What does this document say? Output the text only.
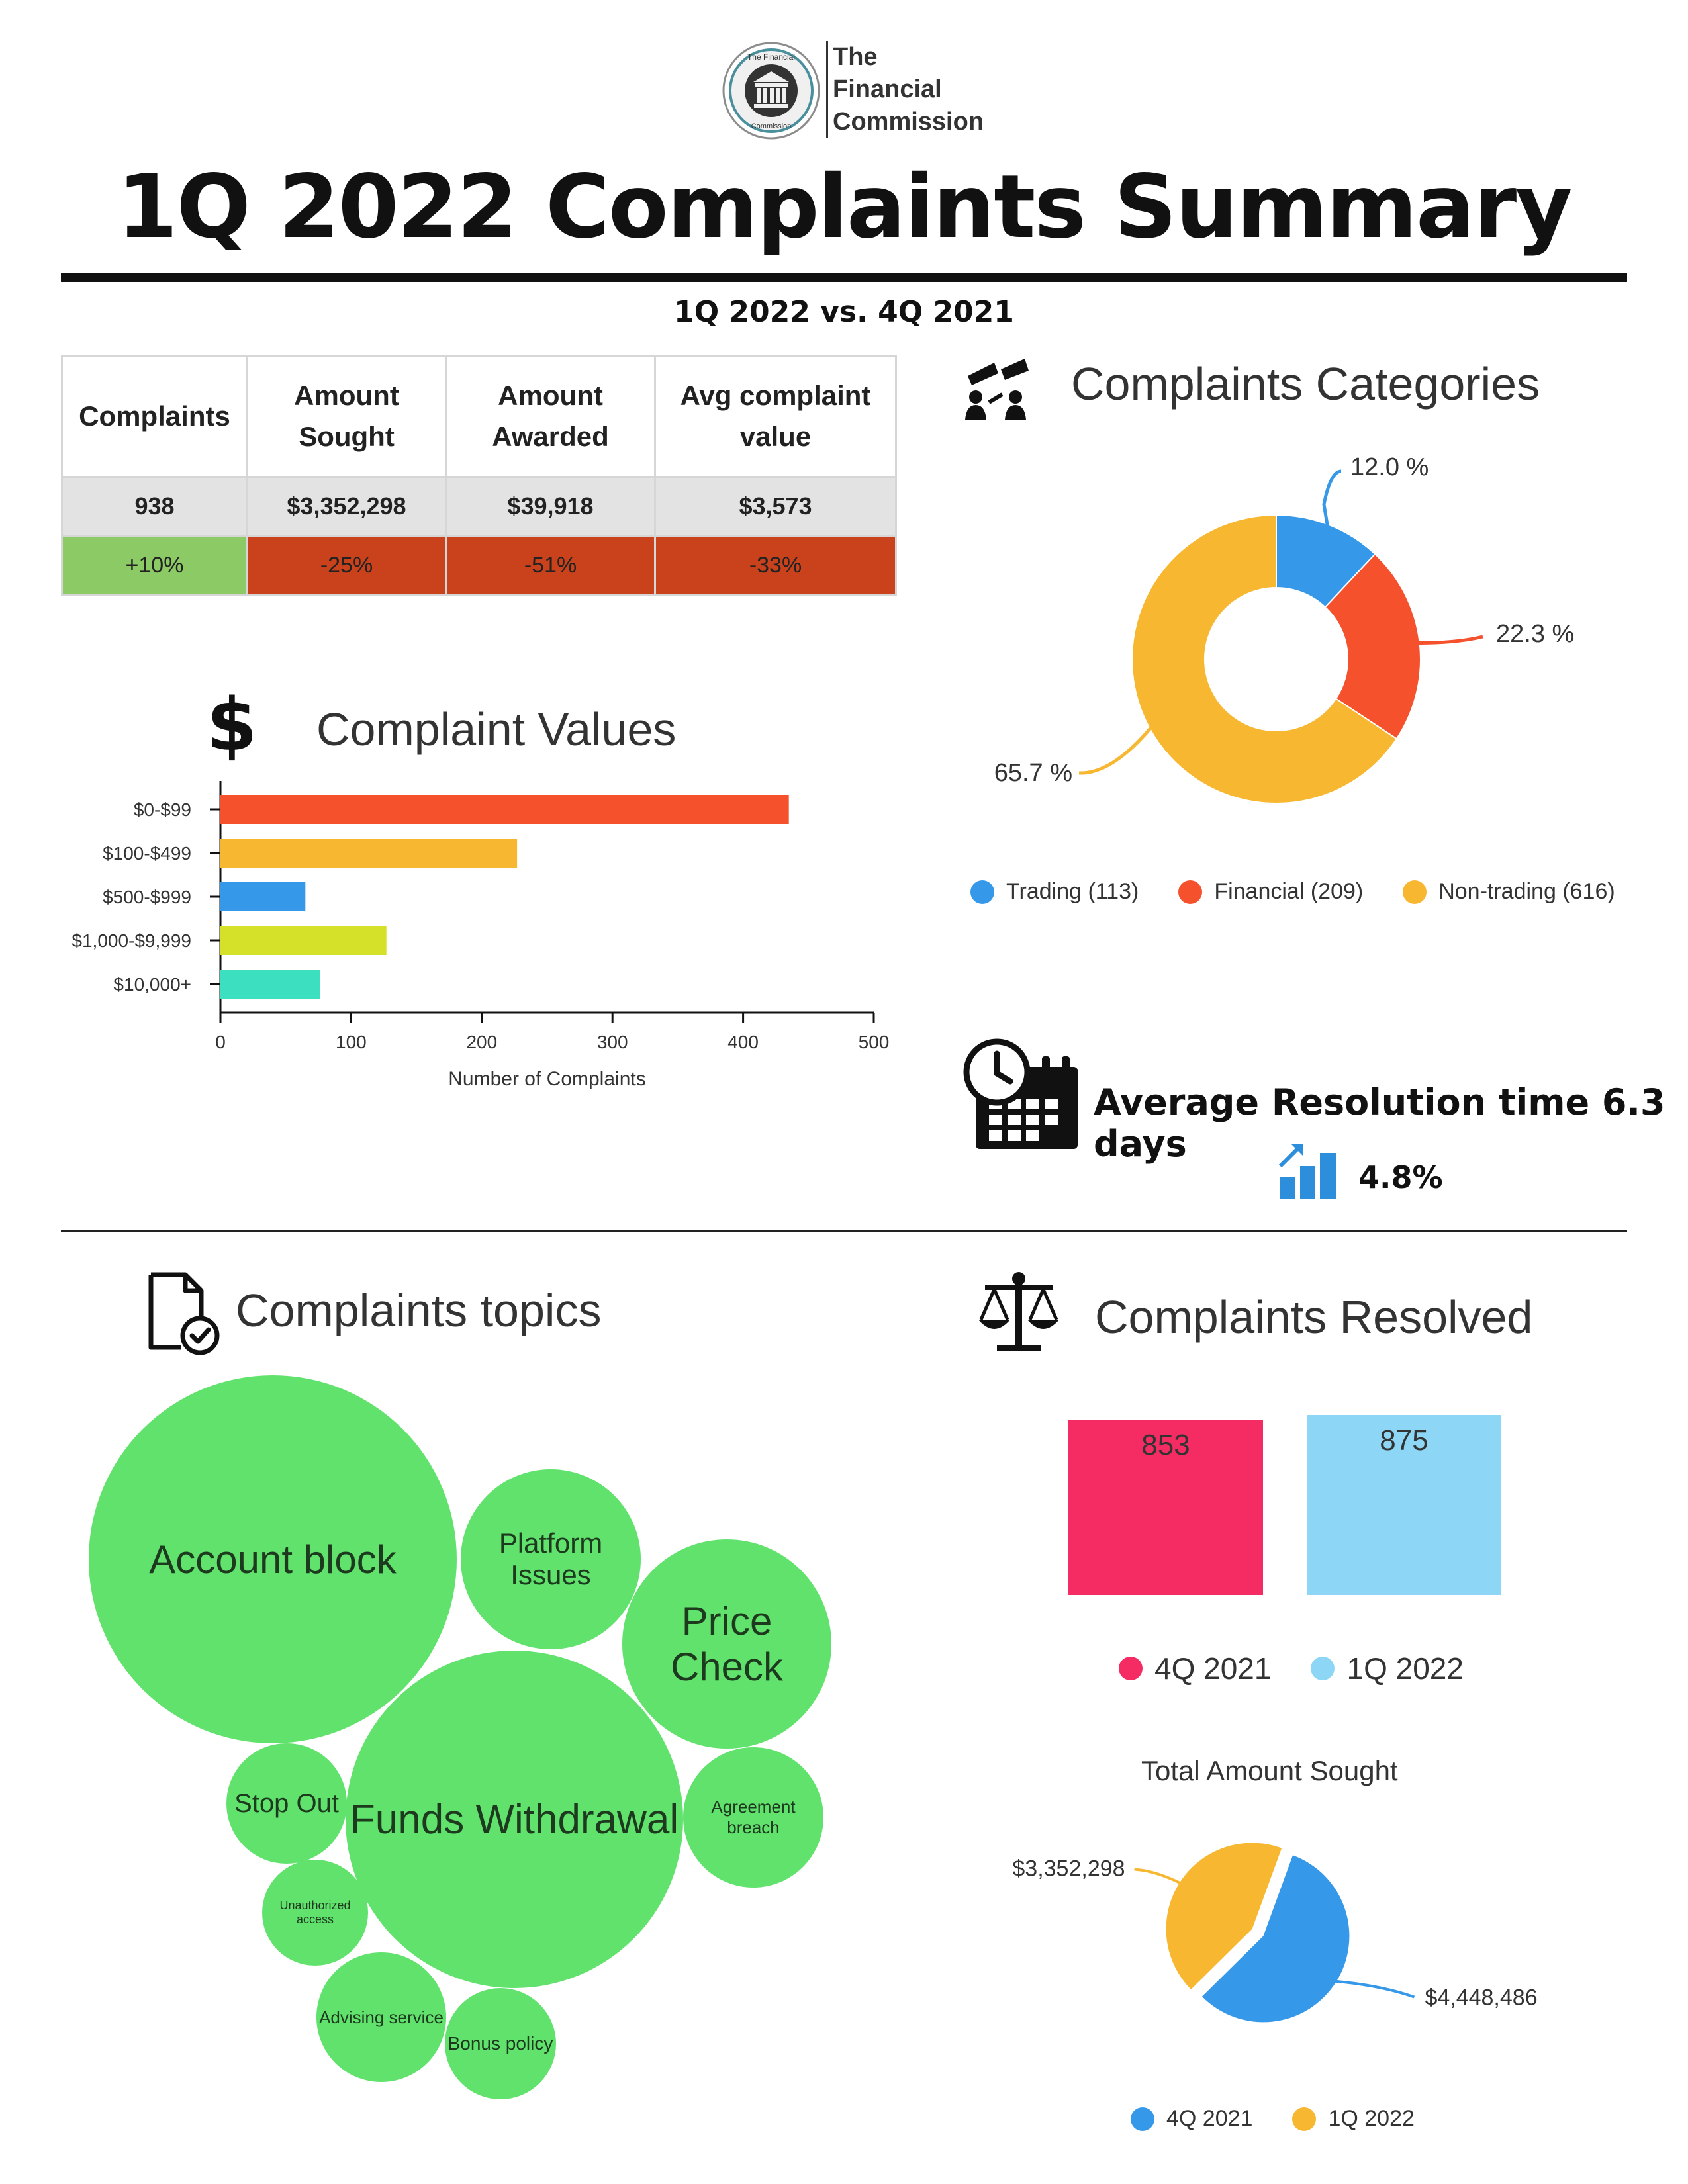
The Financial
Commission
The
Financial
Commission
1Q 2022 Complaints Summary
1Q 2022 vs. 4Q 2021
Complaints	Amount Sought	Amount Awarded	Avg complaint value
938	$3,352,298	$39,918	$3,573
+10%	-25%	-51%	-33%
$ Complaint Values
$0-$99
$100-$499
$500-$999
$1,000-$9,999
$10,000+
0	100	200	300	400	500
Number of Complaints
Complaints Categories
12.0 %
22.3 %
65.7 %
Trading (113)	Financial (209)	Non-trading (616)
Average Resolution time 6.3 days
4.8%
Complaints topics
Account block	Platform Issues
Price Check
Funds Withdrawal	Agreement breach
Stop Out
Unauthorized access
Advising service
Bonus policy
Complaints Resolved
853	875
4Q 2021 1Q 2022
Total Amount Sought
$4,448,486
$3,352,298
4Q 2021	1Q 2022
